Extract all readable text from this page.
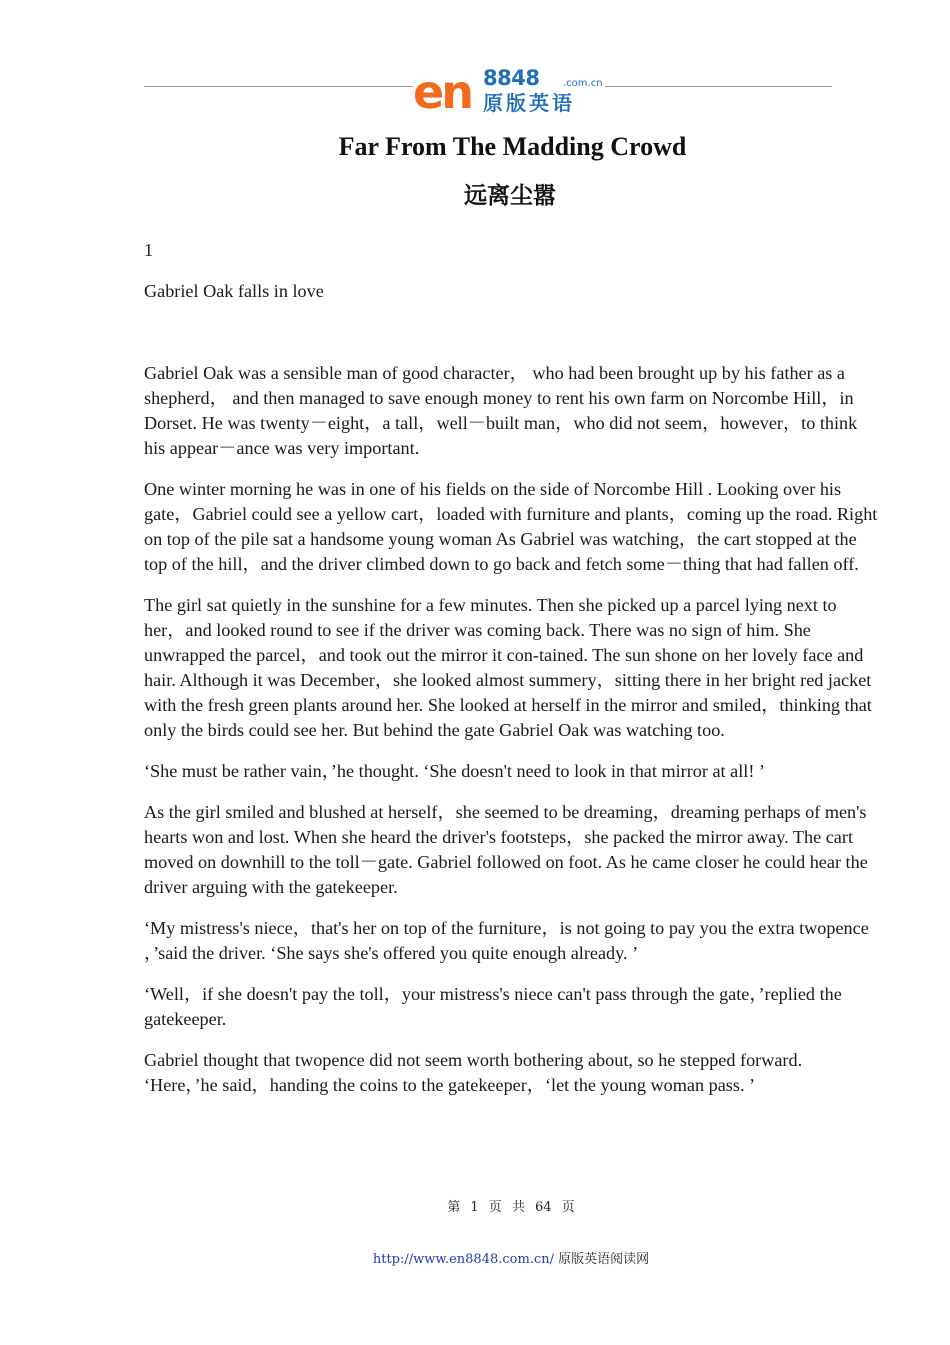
en 8848 .com.cn
原版英语
Far From The Madding Crowd
远离尘嚣
1
Gabriel Oak falls in love

Gabriel Oak was a sensible man of good character， who had been brought up by his father as a shepherd， and then managed to save enough money to rent his own farm on Norcombe Hill，in Dorset. He was twenty－eight，a tall，well－built man，who did not seem，however，to think his appear－ance was very important.

One winter morning he was in one of his fields on the side of Norcombe Hill . Looking over his gate，Gabriel could see a yellow cart，loaded with furniture and plants，coming up the road. Right on top of the pile sat a handsome young woman As Gabriel was watching，the cart stopped at the top of the hill，and the driver climbed down to go back and fetch some－thing that had fallen off.

The girl sat quietly in the sunshine for a few minutes. Then she picked up a parcel lying next to her，and looked round to see if the driver was coming back. There was no sign of him. She unwrapped the parcel，and took out the mirror it con-tained. The sun shone on her lovely face and hair. Although it was December，she looked almost summery，sitting there in her bright red jacket with the fresh green plants around her. She looked at herself in the mirror and smiled，thinking that only the birds could see her. But behind the gate Gabriel Oak was watching too.

‘She must be rather vain，’he thought. ‘She doesn't need to look in that mirror at all! ’

As the girl smiled and blushed at herself，she seemed to be dreaming，dreaming perhaps of men's hearts won and lost. When she heard the driver's footsteps，she packed the mirror away. The cart moved on downhill to the toll－gate. Gabriel followed on foot. As he came closer he could hear the driver arguing with the gatekeeper.

‘My mistress's niece，that's her on top of the furniture，is not going to pay you the extra twopence ，’said the driver. ‘She says she's offered you quite enough already. ’

‘Well，if she doesn't pay the toll，your mistress's niece can't pass through the gate，’replied the gatekeeper.

Gabriel thought that twopence did not seem worth bothering about, so he stepped forward. ‘Here，’he said，handing the coins to the gatekeeper，‘let the young woman pass. ’

第 1 页 共 64 页
http://www.en8848.com.cn/ 原版英语阅读网
